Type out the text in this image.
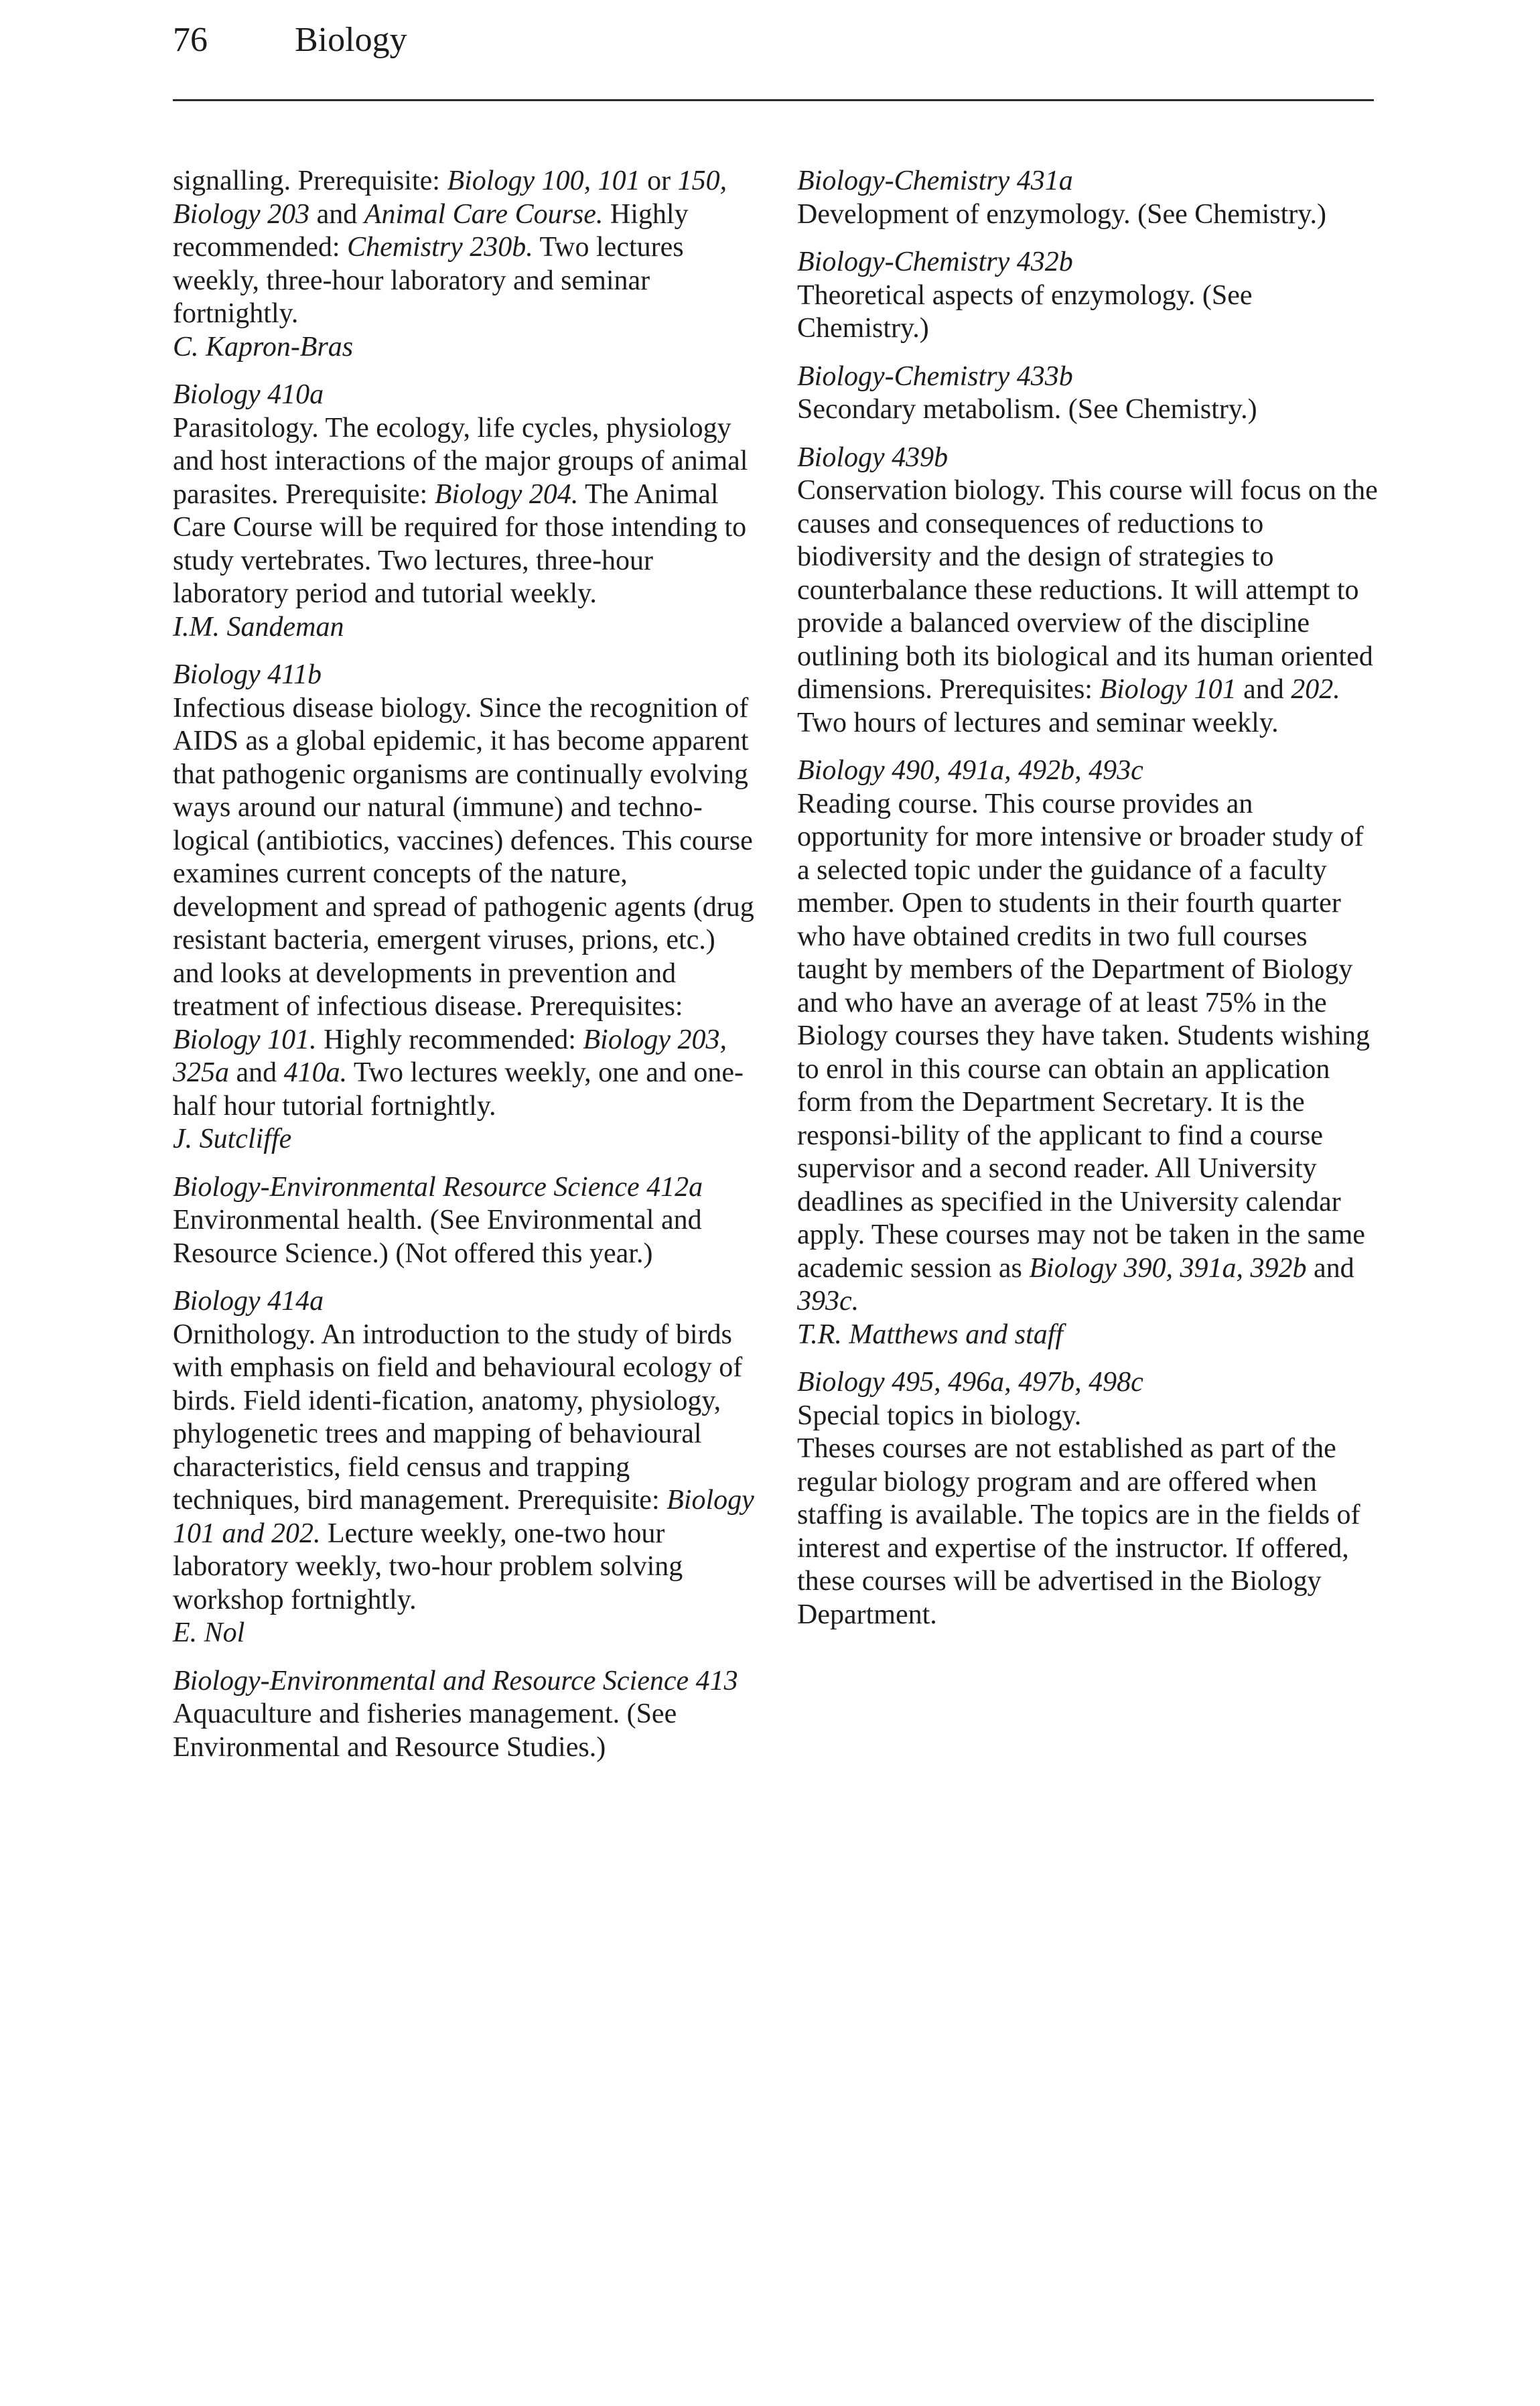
76	Biology

signalling. Prerequisite: Biology 100, 101 or 150, Biology 203 and Animal Care Course. Highly recommended: Chemistry 230b. Two lectures weekly, three-hour laboratory and seminar fortnightly.

C. Kapron-Bras

Biology 410a

Parasitology. The ecology, life cycles, physiology and host interactions of the major groups of animal parasites. Prerequisite: Biology 204. The Animal Care Course will be required for those intending to study vertebrates. Two lectures, three-hour laboratory period and tutorial weekly.

I.M. Sandeman

Biology 411b

Infectious disease biology. Since the recognition of AIDS as a global epidemic, it has become apparent that pathogenic organisms are continually evolving ways around our natural (immune) and techno-logical (antibiotics, vaccines) defences. This course examines current concepts of the nature, development and spread of pathogenic agents (drug resistant bacteria, emergent viruses, prions, etc.) and looks at developments in prevention and treatment of infectious disease. Prerequisites: Biology 101. Highly recommended: Biology 203, 325a and 410a. Two lectures weekly, one and one-half hour tutorial fortnightly.

J. Sutcliffe

Biology-Environmental Resource Science 412a

Environmental health. (See Environmental and Resource Science.) (Not offered this year.)

Biology 414a

Ornithology. An introduction to the study of birds with emphasis on field and behavioural ecology of birds. Field identi-fication, anatomy, physiology, phylogenetic trees and mapping of behavioural characteristics, field census and trapping techniques, bird management. Prerequisite: Biology 101 and 202. Lecture weekly, one-two hour laboratory weekly, two-hour problem solving workshop fortnightly.

E. Nol

Biology-Environmental and Resource Science 413

Aquaculture and fisheries management. (See Environmental and Resource Studies.)

Biology-Chemistry 431a

Development of enzymology. (See Chemistry.)

Biology-Chemistry 432b

Theoretical aspects of enzymology. (See Chemistry.)

Biology-Chemistry 433b

Secondary metabolism. (See Chemistry.)

Biology 439b

Conservation biology. This course will focus on the causes and consequences of reductions to biodiversity and the design of strategies to counterbalance these reductions. It will attempt to provide a balanced overview of the discipline outlining both its biological and its human oriented dimensions. Prerequisites: Biology 101 and 202. Two hours of lectures and seminar weekly.

Biology 490, 491a, 492b, 493c

Reading course. This course provides an opportunity for more intensive or broader study of a selected topic under the guidance of a faculty member. Open to students in their fourth quarter who have obtained credits in two full courses taught by members of the Department of Biology and who have an average of at least 75% in the Biology courses they have taken. Students wishing to enrol in this course can obtain an application form from the Department Secretary. It is the responsi-bility of the applicant to find a course supervisor and a second reader. All University deadlines as specified in the University calendar apply. These courses may not be taken in the same academic session as Biology 390, 391a, 392b and 393c.

T.R. Matthews and staff

Biology 495, 496a, 497b, 498c

Special topics in biology.

Theses courses are not established as part of the regular biology program and are offered when staffing is available. The topics are in the fields of interest and expertise of the instructor. If offered, these courses will be advertised in the Biology Department.
